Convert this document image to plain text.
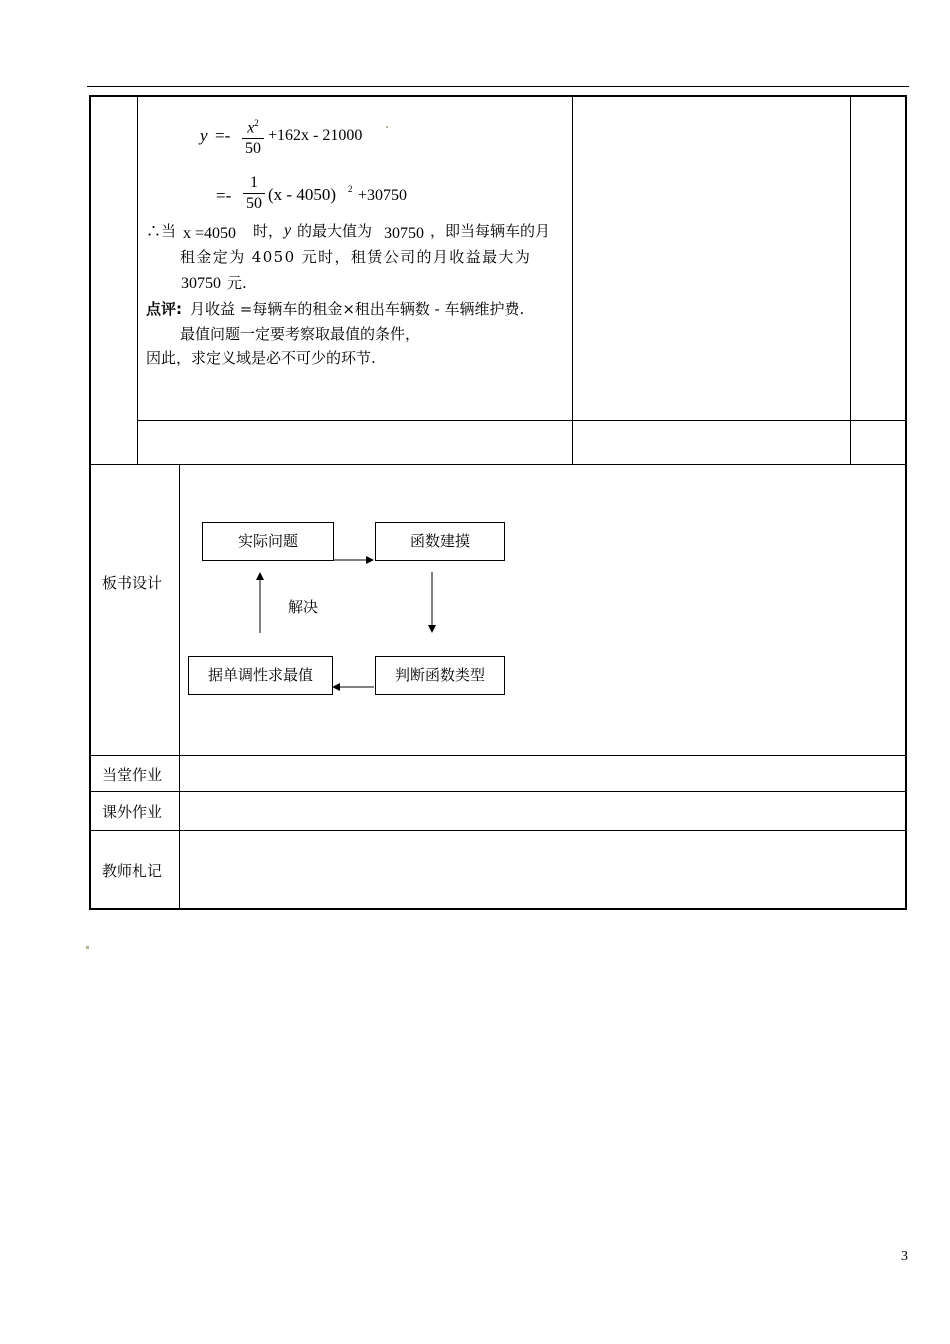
y =-	$x^2$
50
+162x - 21000
=-
1
50 (x - 4050) 2 +30750
∴当 x =4050 时， y 的最大值为 30750 ，即当每辆车的月
租金定为 4050 元时，租赁公司的月收益最大为
30750 元.
点评: 月收益 =每辆车的租金×租出车辆数 - 车辆维护费.
最值问题一定要考察取最值的条件，
因此，求定义域是必不可少的环节.
板书设计
实际问题	函数建摸
判断函数类型
据单调性求最值
解决
当堂作业
课外作业
教师札记
3
